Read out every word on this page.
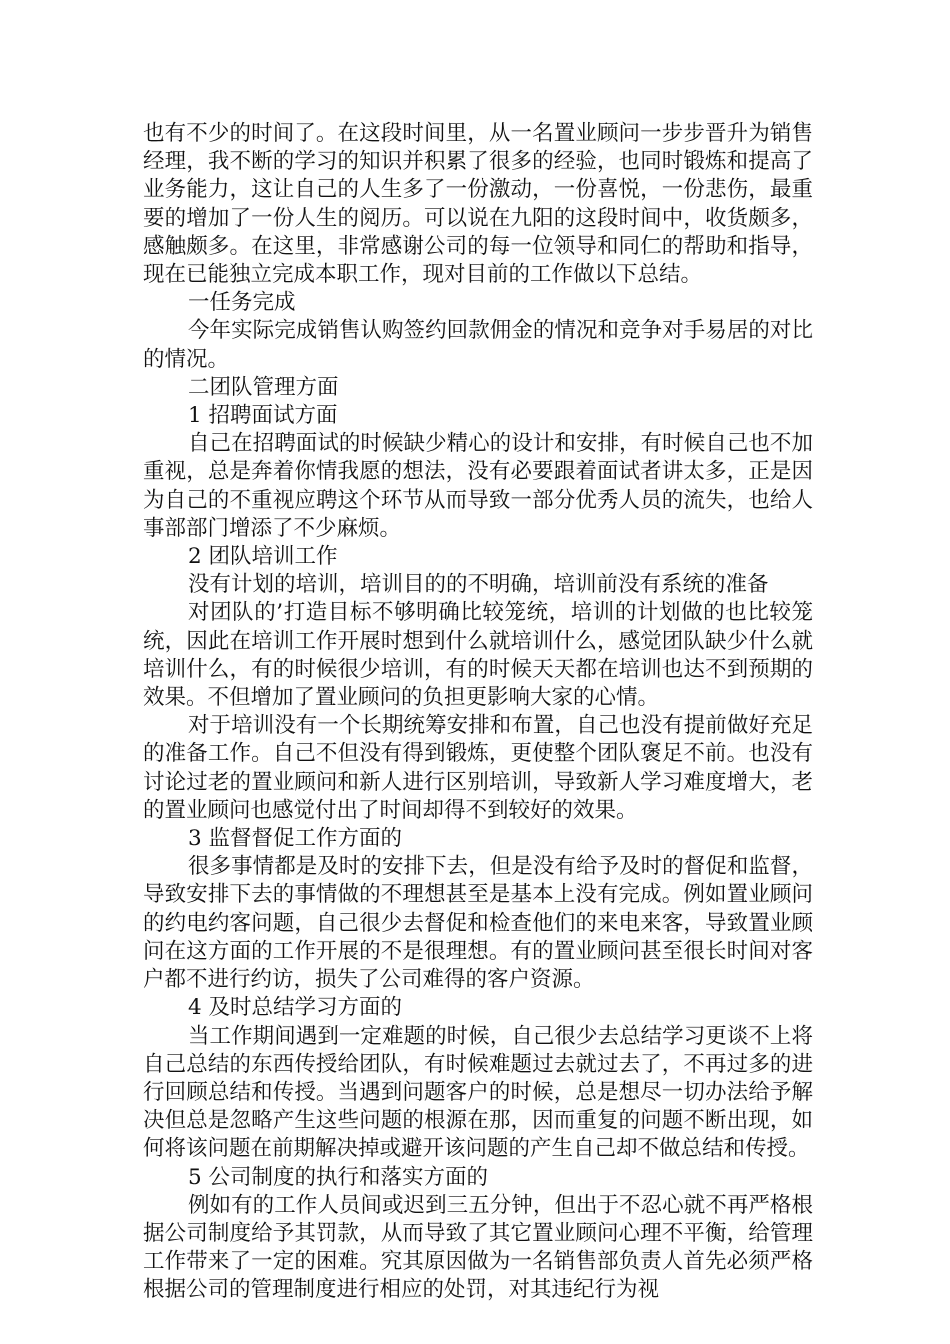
也有不少的时间了。在这段时间里，从一名置业顾问一步步晋升为销售经理，我不断的学习的知识并积累了很多的经验，也同时锻炼和提高了业务能力，这让自己的人生多了一份激动，一份喜悦，一份悲伤，最重要的增加了一份人生的阅历。可以说在九阳的这段时间中，收货颇多，感触颇多。在这里，非常感谢公司的每一位领导和同仁的帮助和指导，现在已能独立完成本职工作，现对目前的工作做以下总结。

一任务完成

今年实际完成销售认购签约回款佣金的情况和竞争对手易居的对比的情况。

二团队管理方面

1 招聘面试方面

自己在招聘面试的时候缺少精心的设计和安排，有时候自己也不加重视，总是奔着你情我愿的想法，没有必要跟着面试者讲太多，正是因为自己的不重视应聘这个环节从而导致一部分优秀人员的流失，也给人事部部门增添了不少麻烦。

2 团队培训工作

没有计划的培训，培训目的的不明确，培训前没有系统的准备

对团队的’打造目标不够明确比较笼统，培训的计划做的也比较笼统，因此在培训工作开展时想到什么就培训什么，感觉团队缺少什么就培训什么，有的时候很少培训，有的时候天天都在培训也达不到预期的效果。不但增加了置业顾问的负担更影响大家的心情。

对于培训没有一个长期统筹安排和布置，自己也没有提前做好充足的准备工作。自己不但没有得到锻炼，更使整个团队褒足不前。也没有讨论过老的置业顾问和新人进行区别培训，导致新人学习难度增大，老的置业顾问也感觉付出了时间却得不到较好的效果。

3 监督督促工作方面的

很多事情都是及时的安排下去，但是没有给予及时的督促和监督，导致安排下去的事情做的不理想甚至是基本上没有完成。例如置业顾问的约电约客问题，自己很少去督促和检查他们的来电来客，导致置业顾问在这方面的工作开展的不是很理想。有的置业顾问甚至很长时间对客户都不进行约访，损失了公司难得的客户资源。

4 及时总结学习方面的

当工作期间遇到一定难题的时候，自己很少去总结学习更谈不上将自己总结的东西传授给团队，有时候难题过去就过去了，不再过多的进行回顾总结和传授。当遇到问题客户的时候，总是想尽一切办法给予解决但总是忽略产生这些问题的根源在那，因而重复的问题不断出现，如何将该问题在前期解决掉或避开该问题的产生自己却不做总结和传授。

5 公司制度的执行和落实方面的

例如有的工作人员间或迟到三五分钟，但出于不忍心就不再严格根据公司制度给予其罚款，从而导致了其它置业顾问心理不平衡，给管理工作带来了一定的困难。究其原因做为一名销售部负责人首先必须严格根据公司的管理制度进行相应的处罚，对其违纪行为视
